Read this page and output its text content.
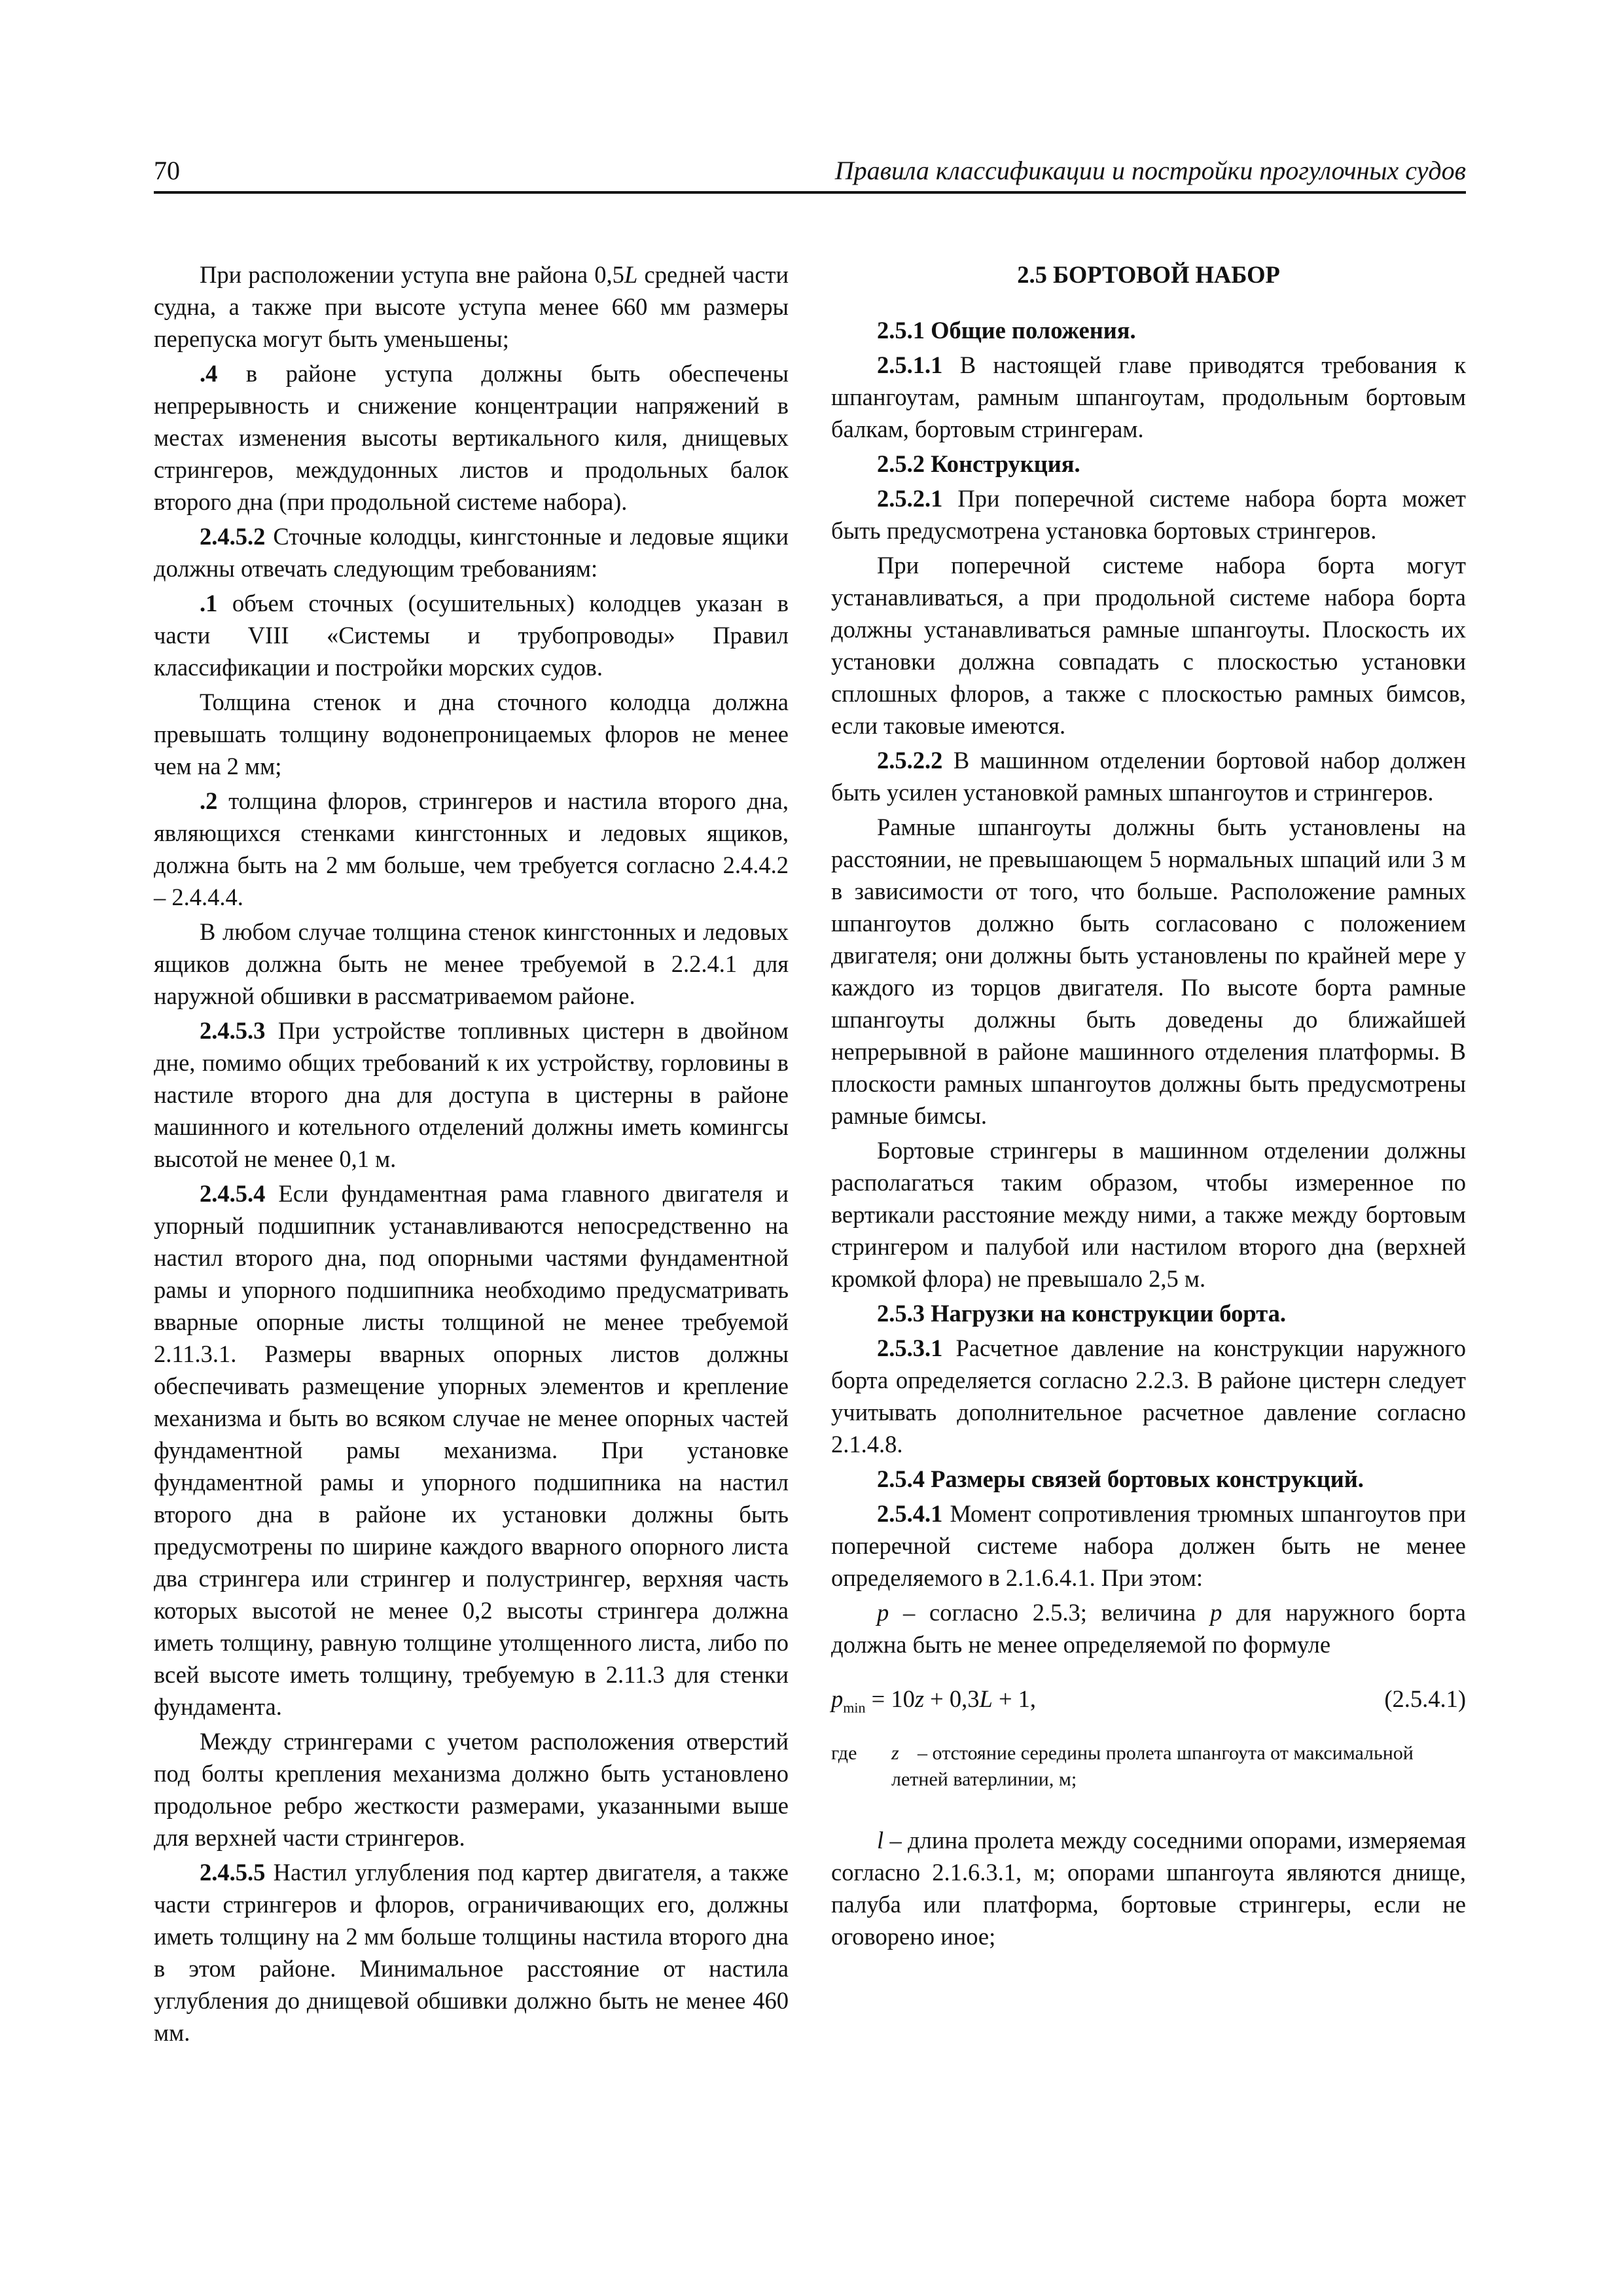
70	Правила классификации и постройки прогулочных судов

При расположении уступа вне района 0,5L средней части судна, а также при высоте уступа менее 660 мм размеры перепуска могут быть уменьшены;

.4 в районе уступа должны быть обеспечены непрерывность и снижение концентрации напряжений в местах изменения высоты вертикального киля, днищевых стрингеров, междудонных листов и продольных балок второго дна (при продольной системе набора).

2.4.5.2 Сточные колодцы, кингстонные и ледовые ящики должны отвечать следующим требованиям:

.1 объем сточных (осушительных) колодцев указан в части VIII «Системы и трубопроводы» Правил классификации и постройки морских судов.

Толщина стенок и дна сточного колодца должна превышать толщину водонепроницаемых флоров не менее чем на 2 мм;

.2 толщина флоров, стрингеров и настила второго дна, являющихся стенками кингстонных и ледовых ящиков, должна быть на 2 мм больше, чем требуется согласно 2.4.4.2 – 2.4.4.4.

В любом случае толщина стенок кингстонных и ледовых ящиков должна быть не менее требуемой в 2.2.4.1 для наружной обшивки в рассматриваемом районе.

2.4.5.3 При устройстве топливных цистерн в двойном дне, помимо общих требований к их устройству, горловины в настиле второго дна для доступа в цистерны в районе машинного и котельного отделений должны иметь комингсы высотой не менее 0,1 м.

2.4.5.4 Если фундаментная рама главного двигателя и упорный подшипник устанавливаются непосредственно на настил второго дна, под опорными частями фундаментной рамы и упорного подшипника необходимо предусматривать вварные опорные листы толщиной не менее требуемой 2.11.3.1. Размеры вварных опорных листов должны обеспечивать размещение упорных элементов и крепление механизма и быть во всяком случае не менее опорных частей фундаментной рамы механизма. При установке фундаментной рамы и упорного подшипника на настил второго дна в районе их установки должны быть предусмотрены по ширине каждого вварного опорного листа два стрингера или стрингер и полустрингер, верхняя часть которых высотой не менее 0,2 высоты стрингера должна иметь толщину, равную толщине утолщенного листа, либо по всей высоте иметь толщину, требуемую в 2.11.3 для стенки фундамента.

Между стрингерами с учетом расположения отверстий под болты крепления механизма должно быть установлено продольное ребро жесткости размерами, указанными выше для верхней части стрингеров.

2.4.5.5 Настил углубления под картер двигателя, а также части стрингеров и флоров, ограничивающих его, должны иметь толщину на 2 мм больше толщины настила второго дна в этом районе. Минимальное расстояние от настила углубления до днищевой обшивки должно быть не менее 460 мм.

2.5 БОРТОВОЙ НАБОР

2.5.1 Общие положения.

2.5.1.1 В настоящей главе приводятся требования к шпангоутам, рамным шпангоутам, продольным бортовым балкам, бортовым стрингерам.

2.5.2 Конструкция.

2.5.2.1 При поперечной системе набора борта может быть предусмотрена установка бортовых стрингеров.

При поперечной системе набора борта могут устанавливаться, а при продольной системе набора борта должны устанавливаться рамные шпангоуты. Плоскость их установки должна совпадать с плоскостью установки сплошных флоров, а также с плоскостью рамных бимсов, если таковые имеются.

2.5.2.2 В машинном отделении бортовой набор должен быть усилен установкой рамных шпангоутов и стрингеров.

Рамные шпангоуты должны быть установлены на расстоянии, не превышающем 5 нормальных шпаций или 3 м в зависимости от того, что больше. Расположение рамных шпангоутов должно быть согласовано с положением двигателя; они должны быть установлены по крайней мере у каждого из торцов двигателя. По высоте борта рамные шпангоуты должны быть доведены до ближайшей непрерывной в районе машинного отделения платформы. В плоскости рамных шпангоутов должны быть предусмотрены рамные бимсы.

Бортовые стрингеры в машинном отделении должны располагаться таким образом, чтобы измеренное по вертикали расстояние между ними, а также между бортовым стрингером и палубой или настилом второго дна (верхней кромкой флора) не превышало 2,5 м.

2.5.3 Нагрузки на конструкции борта.

2.5.3.1 Расчетное давление на конструкции наружного борта определяется согласно 2.2.3. В районе цистерн следует учитывать дополнительное расчетное давление согласно 2.1.4.8.

2.5.4 Размеры связей бортовых конструкций.

2.5.4.1 Момент сопротивления трюмных шпангоутов при поперечной системе набора должен быть не менее определяемого в 2.1.6.4.1. При этом:

p – согласно 2.5.3; величина p для наружного борта должна быть не менее определяемой по формуле

$p_{min} = 10z + 0,3L + 1$,	(2.5.4.1)
где z – отстояние середины пролета шпангоута от максимальной летней ватерлинии, м;

l – длина пролета между соседними опорами, измеряемая согласно 2.1.6.3.1, м; опорами шпангоута являются днище, палуба или платформа, бортовые стрингеры, если не оговорено иное;
